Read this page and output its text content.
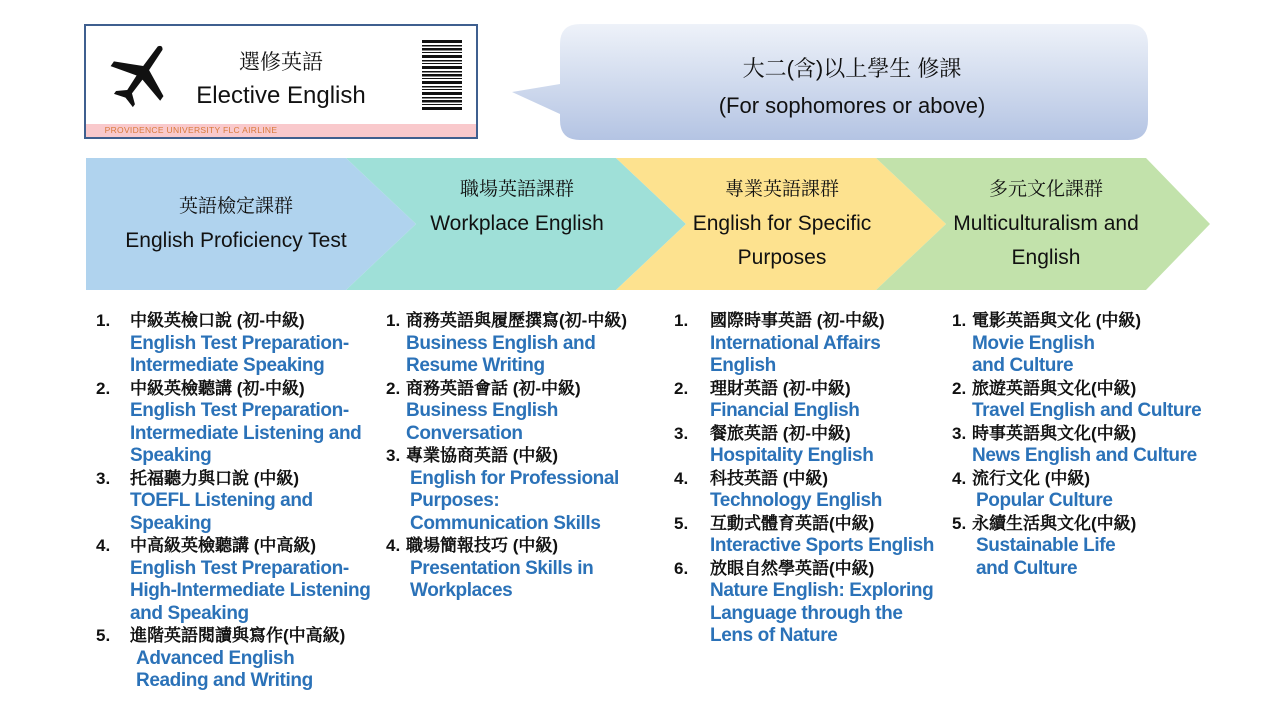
選修英語
Elective English
PROVIDENCE UNIVERSITY FLC AIRLINE
大二(含)以上學生 修課
(For sophomores or above)
英語檢定課群
English Proficiency Test
職場英語課群
Workplace English
專業英語課群
English for Specific Purposes
多元文化課群
Multiculturalism and English
1. 中級英檢口說 (初-中級)
English Test Preparation-Intermediate Speaking
2. 中級英檢聽講 (初-中級)
English Test Preparation-Intermediate Listening and Speaking
3. 托福聽力與口說 (中級)
TOEFL Listening and Speaking
4. 中高級英檢聽講 (中高級)
English Test Preparation-High-Intermediate Listening and Speaking
5. 進階英語閱讀與寫作(中高級)
Advanced English Reading and Writing
1. 商務英語與履歷撰寫(初-中級)
Business English and Resume Writing
2. 商務英語會話 (初-中級)
Business English Conversation
3. 專業協商英語 (中級)
English for Professional Purposes: Communication Skills
4. 職場簡報技巧 (中級)
Presentation Skills in Workplaces
1. 國際時事英語 (初-中級)
International Affairs English
2. 理財英語 (初-中級)
Financial English
3. 餐旅英語 (初-中級)
Hospitality English
4. 科技英語 (中級)
Technology English
5. 互動式體育英語(中級)
Interactive Sports English
6. 放眼自然學英語(中級)
Nature English: Exploring Language through the Lens of Nature
1. 電影英語與文化 (中級)
Movie English and Culture
2. 旅遊英語與文化(中級)
Travel English and Culture
3. 時事英語與文化(中級)
News English and Culture
4. 流行文化 (中級)
Popular Culture
5. 永續生活與文化(中級)
Sustainable Life and Culture
